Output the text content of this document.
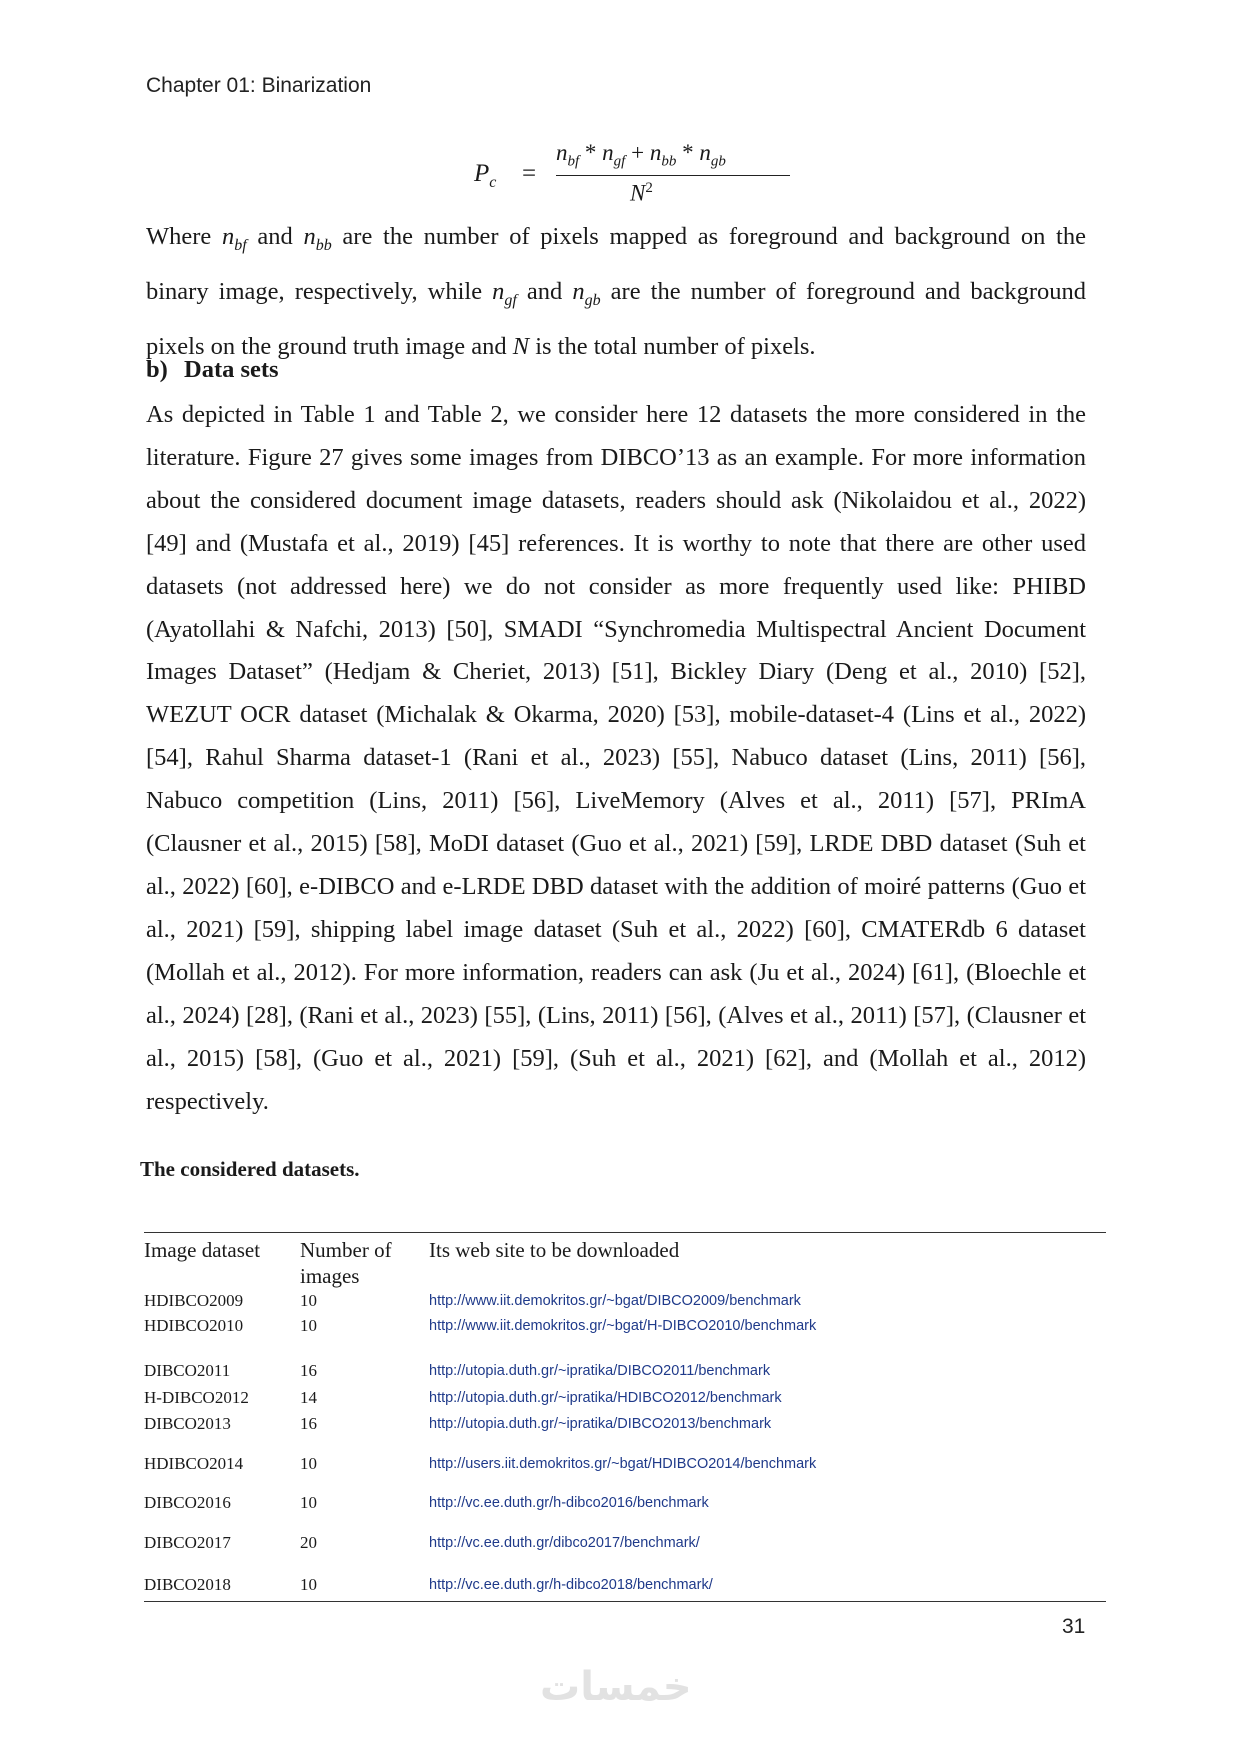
Chapter 01: Binarization
$P_c$ =
$n_{bf} * n_{gf} + n_{bb} * n_{gb}$
$N^2$

Where $n_{bf}$ and $n_{bb}$ are the number of pixels mapped as foreground and background on the binary image, respectively, while $n_{gf}$ and $n_{gb}$ are the number of foreground and background pixels on the ground truth image and N is the total number of pixels.

b) Data sets

As depicted in Table 1 and Table 2, we consider here 12 datasets the more considered in the literature. Figure 27 gives some images from DIBCO’13 as an example. For more information about the considered document image datasets, readers should ask (Nikolaidou et al., 2022) [49] and (Mustafa et al., 2019) [45] references. It is worthy to note that there are other used datasets (not addressed here) we do not consider as more frequently used like: PHIBD (Ayatollahi & Nafchi, 2013) [50], SMADI “Synchromedia Multispectral Ancient Document Images Dataset” (Hedjam & Cheriet, 2013) [51], Bickley Diary (Deng et al., 2010) [52], WEZUT OCR dataset (Michalak & Okarma, 2020) [53], mobile-dataset-4 (Lins et al., 2022) [54], Rahul Sharma dataset-1 (Rani et al., 2023) [55], Nabuco dataset (Lins, 2011) [56], Nabuco competition (Lins, 2011) [56], LiveMemory (Alves et al., 2011) [57], PRImA (Clausner et al., 2015) [58], MoDI dataset (Guo et al., 2021) [59], LRDE DBD dataset (Suh et al., 2022) [60], e-DIBCO and e-LRDE DBD dataset with the addition of moiré patterns (Guo et al., 2021) [59], shipping label image dataset (Suh et al., 2022) [60], CMATERdb 6 dataset (Mollah et al., 2012). For more information, readers can ask (Ju et al., 2024) [61], (Bloechle et al., 2024) [28], (Rani et al., 2023) [55], (Lins, 2011) [56], (Alves et al., 2011) [57], (Clausner et al., 2015) [58], (Guo et al., 2021) [59], (Suh et al., 2021) [62], and (Mollah et al., 2012) respectively.

The considered datasets.
Image dataset	Number of images	Its web site to be downloaded
HDIBCO2009	10	http://www.iit.demokritos.gr/~bgat/DIBCO2009/benchmark
HDIBCO2010	10	http://www.iit.demokritos.gr/~bgat/H-DIBCO2010/benchmark
DIBCO2011	16	http://utopia.duth.gr/~ipratika/DIBCO2011/benchmark
H-DIBCO2012	14	http://utopia.duth.gr/~ipratika/HDIBCO2012/benchmark
DIBCO2013	16	http://utopia.duth.gr/~ipratika/DIBCO2013/benchmark
HDIBCO2014	10	http://users.iit.demokritos.gr/~bgat/HDIBCO2014/benchmark
DIBCO2016	10	http://vc.ee.duth.gr/h-dibco2016/benchmark
DIBCO2017	20	http://vc.ee.duth.gr/dibco2017/benchmark/
DIBCO2018	10	http://vc.ee.duth.gr/h-dibco2018/benchmark/
31
خمسات
